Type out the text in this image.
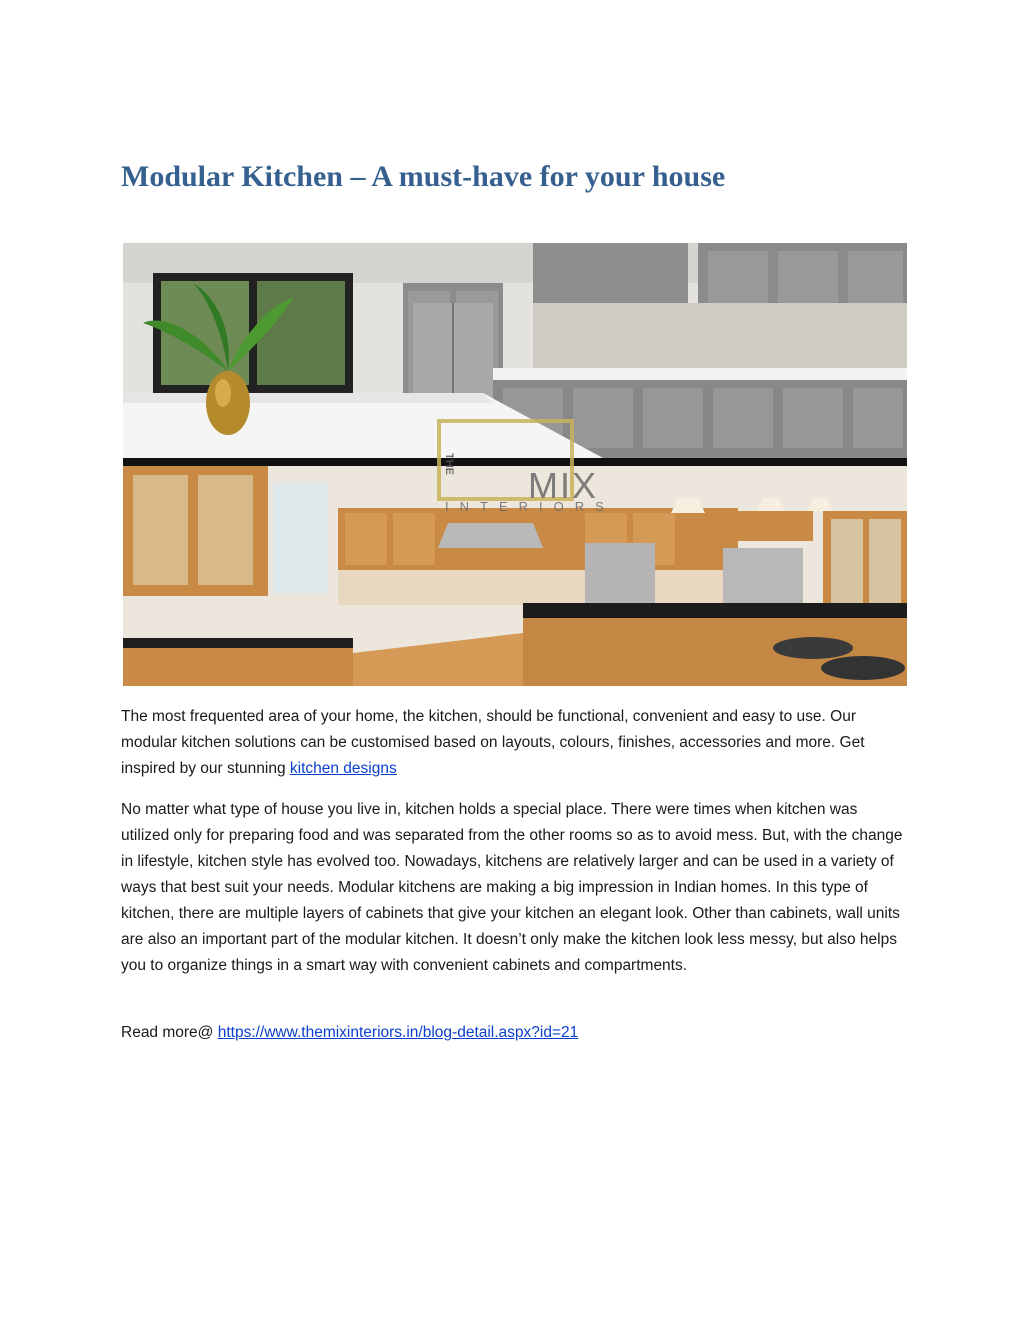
Modular Kitchen – A must-have for your house
THE
MIX
INTERIORS

The most frequented area of your home, the kitchen, should be functional, convenient and easy to use. Our modular kitchen solutions can be customised based on layouts, colours, finishes, accessories and more. Get inspired by our stunning kitchen designs

No matter what type of house you live in, kitchen holds a special place. There were times when kitchen was utilized only for preparing food and was separated from the other rooms so as to avoid mess. But, with the change in lifestyle, kitchen style has evolved too. Nowadays, kitchens are relatively larger and can be used in a variety of ways that best suit your needs. Modular kitchens are making a big impression in Indian homes. In this type of kitchen, there are multiple layers of cabinets that give your kitchen an elegant look. Other than cabinets, wall units are also an important part of the modular kitchen. It doesn’t only make the kitchen look less messy, but also helps you to organize things in a smart way with convenient cabinets and compartments.

Read more@ https://www.themixinteriors.in/blog-detail.aspx?id=21
